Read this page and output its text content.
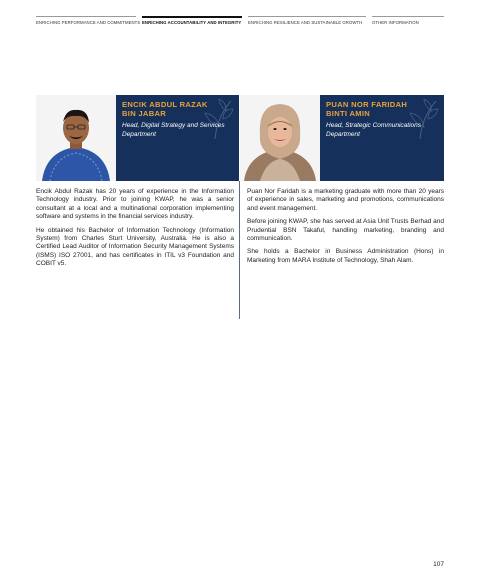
ENRICHING PERFORMANCE AND COMMITMENTS ENRICHING ACCOUNTABILITY AND INTEGRITY ENRICHING RESILIENCE AND SUSTAINABLE GROWTH	OTHER INFORMATION
ENCIK ABDUL RAZAK
BIN JABAR
Head, Digital Strategy and Services Department
PUAN NOR FARIDAH
BINTI AMIN
Head, Strategic Communications Department

Encik Abdul Razak has 20 years of experience in the Information Technology industry. Prior to joining KWAP, he was a senior consultant at a local and a multinational corporation implementing software and systems in the financial services industry.

He obtained his Bachelor of Information Technology (Information System) from Charles Sturt University, Australia. He is also a Certified Lead Auditor of Information Security Management Systems (ISMS) ISO 27001, and has certificates in ITIL v3 Foundation and COBIT v5.

Puan Nor Faridah is a marketing graduate with more than 20 years of experience in sales, marketing and promotions, communications and event management.

Before joining KWAP, she has served at Asia Unit Trusts Berhad and Prudential BSN Takaful, handling marketing, branding and communication.

She holds a Bachelor in Business Administration (Hons) in Marketing from MARA Institute of Technology, Shah Alam.

107
